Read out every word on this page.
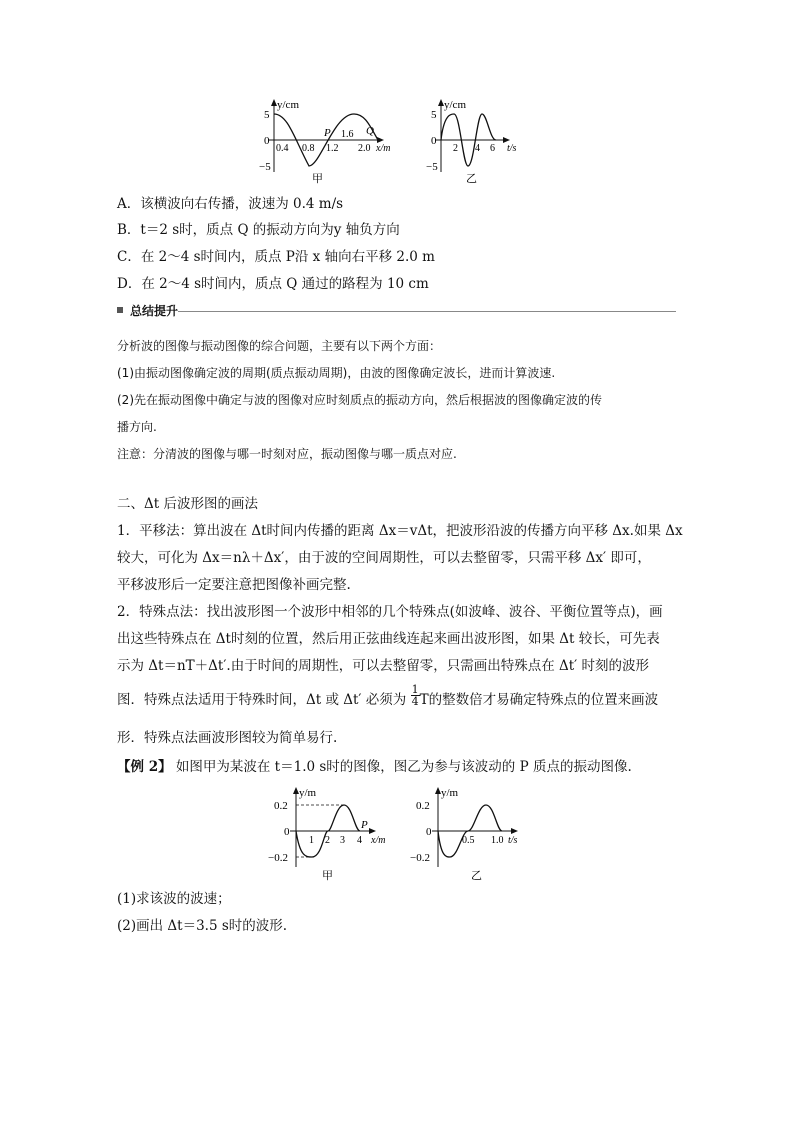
y/cm
5
0
−5
0.4 0.8 1.2
1.6
2.0
P	Q
x/m
甲
y/cm
5
0
−5
2 4 6 t/s
乙
A．该横波向右传播，波速为 0.4 m/s
B．t＝2 s时，质点 Q 的振动方向为y 轴负方向
C．在 2～4 s时间内，质点 P沿 x 轴向右平移 2.0 m
D．在 2～4 s时间内，质点 Q 通过的路程为 10 cm
总结提升
分析波的图像与振动图像的综合问题，主要有以下两个方面：
(1)由振动图像确定波的周期(质点振动周期)，由波的图像确定波长，进而计算波速.
(2)先在振动图像中确定与波的图像对应时刻质点的振动方向，然后根据波的图像确定波的传
播方向.
注意：分清波的图像与哪一时刻对应，振动图像与哪一质点对应.
二、Δt 后波形图的画法
1．平移法：算出波在 Δt时间内传播的距离 Δx＝vΔt，把波形沿波的传播方向平移 Δx.如果 Δx
较大，可化为 Δx＝nλ＋Δx′，由于波的空间周期性，可以去整留零，只需平移 Δx′ 即可，
平移波形后一定要注意把图像补画完整.
2．特殊点法：找出波形图一个波形中相邻的几个特殊点(如波峰、波谷、平衡位置等点)，画
出这些特殊点在 Δt时刻的位置，然后用正弦曲线连起来画出波形图，如果 Δt 较长，可先表
示为 Δt＝nT＋Δt′.由于时间的周期性，可以去整留零，只需画出特殊点在 Δt′ 时刻的波形
图．特殊点法适用于特殊时间，Δt 或 Δt′ 必须为 $\frac{1}{4}$ T的整数倍才易确定特殊点的位置来画波
形．特殊点法画波形图较为简单易行.
【例 2】 如图甲为某波在 t＝1.0 s时的图像，图乙为参与该波动的 P 质点的振动图像.
y/m
0.2
0
−0.2
1 2 3 4
P
x/m
甲
y/m
0.2
0
−0.2
0.5 1.0 t/s
乙
(1)求该波的波速；
(2)画出 Δt＝3.5 s时的波形.
